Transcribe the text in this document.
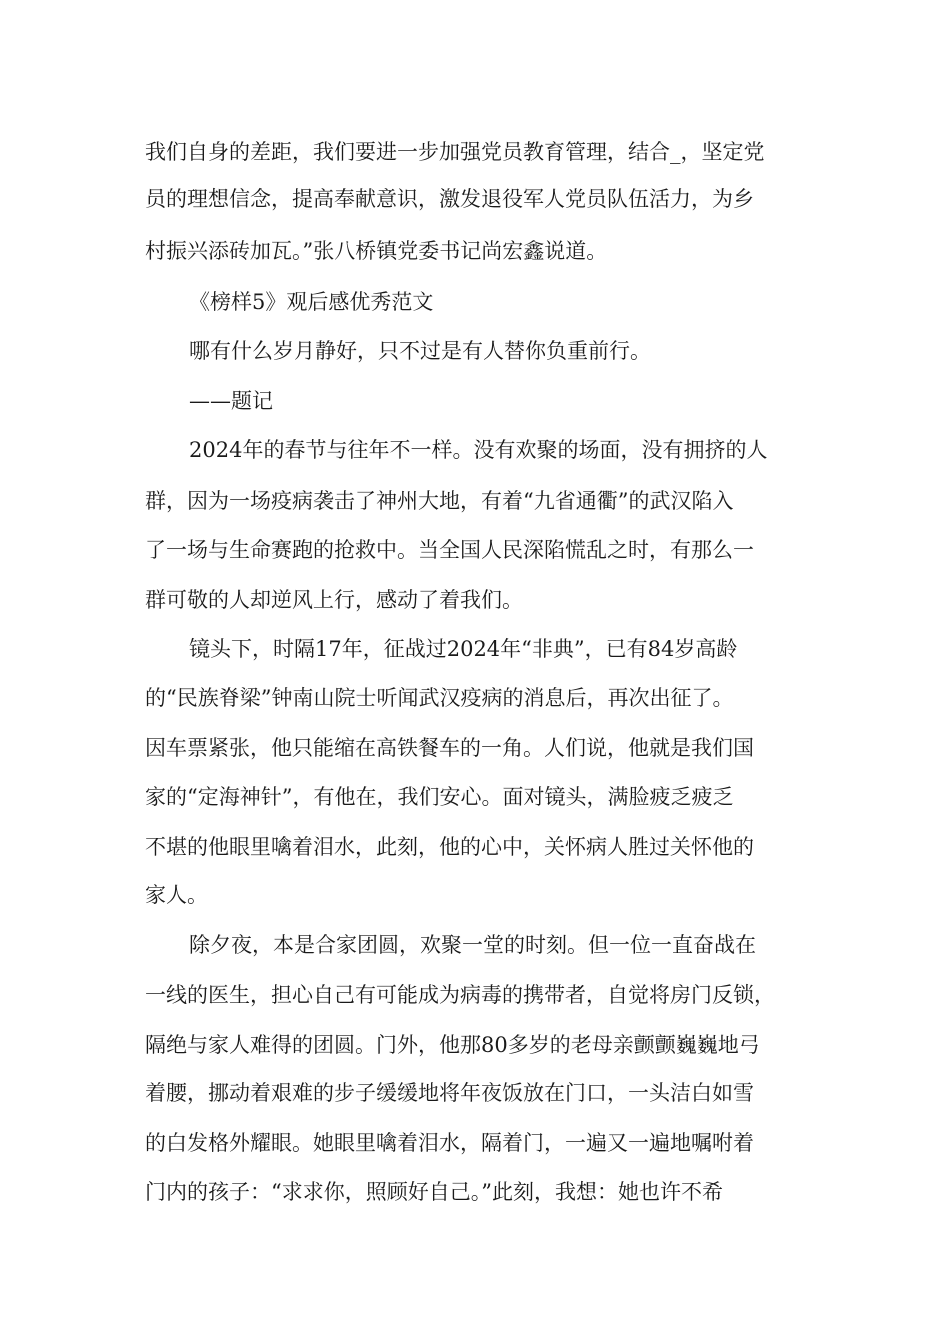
我们自身的差距，我们要进一步加强党员教育管理，结合_，坚定党
员的理想信念，提高奉献意识，激发退役军人党员队伍活力，为乡
村振兴添砖加瓦。”张八桥镇党委书记尚宏鑫说道。
《榜样5》观后感优秀范文
哪有什么岁月静好，只不过是有人替你负重前行。
——题记
2024年的春节与往年不一样。没有欢聚的场面，没有拥挤的人
群，因为一场疫病袭击了神州大地，有着“九省通衢”的武汉陷入
了一场与生命赛跑的抢救中。当全国人民深陷慌乱之时，有那么一
群可敬的人却逆风上行，感动了着我们。
镜头下，时隔17年，征战过2024年“非典”，已有84岁高龄
的“民族脊梁”钟南山院士听闻武汉疫病的消息后，再次出征了。
因车票紧张，他只能缩在高铁餐车的一角。人们说，他就是我们国
家的“定海神针”，有他在，我们安心。面对镜头，满脸疲乏疲乏
不堪的他眼里噙着泪水，此刻，他的心中，关怀病人胜过关怀他的
家人。
除夕夜，本是合家团圆，欢聚一堂的时刻。但一位一直奋战在
一线的医生，担心自己有可能成为病毒的携带者，自觉将房门反锁，
隔绝与家人难得的团圆。门外，他那80多岁的老母亲颤颤巍巍地弓
着腰，挪动着艰难的步子缓缓地将年夜饭放在门口，一头洁白如雪
的白发格外耀眼。她眼里噙着泪水，隔着门，一遍又一遍地嘱咐着
门内的孩子：“求求你，照顾好自己。”此刻，我想：她也许不希
